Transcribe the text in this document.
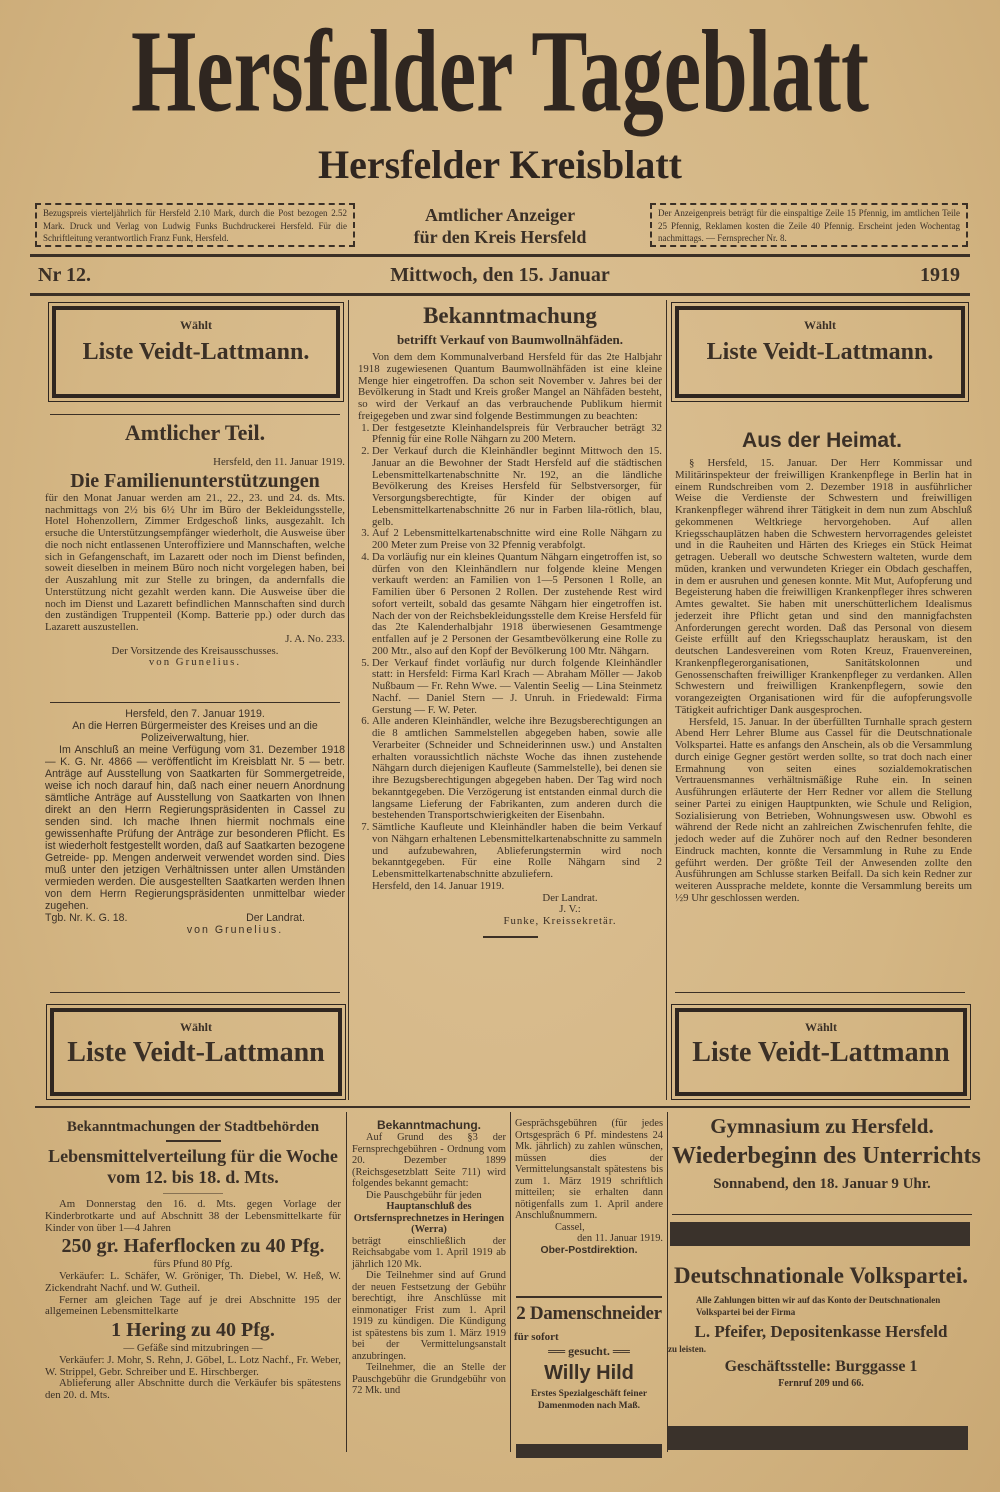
Hersfelder Tageblatt
Hersfelder Kreisblatt
Bezugspreis vierteljährlich für Hersfeld 2.10 Mark, durch die Post bezogen 2.52 Mark. Druck und Verlag von Ludwig Funks Buchdruckerei Hersfeld. Für die Schriftleitung verantwortlich Franz Funk, Hersfeld.
Amtlicher Anzeiger
für den Kreis Hersfeld
Der Anzeigenpreis beträgt für die einspaltige Zeile 15 Pfennig, im amtlichen Teile 25 Pfennig, Reklamen kosten die Zeile 40 Pfennig. Erscheint jeden Wochentag nachmittags. — Fernsprecher Nr. 8.
Nr 12.	Mittwoch, den 15. Januar	1919
Wählt
Liste Veidt-Lattmann.
Amtlicher Teil.

Hersfeld, den 11. Januar 1919.

Die Familienunterstützungen

für den Monat Januar werden am 21., 22., 23. und 24. ds. Mts. nachmittags von 2½ bis 6½ Uhr im Büro der Bekleidungsstelle, Hotel Hohenzollern, Zimmer Erdgeschoß links, ausgezahlt. Ich ersuche die Unterstützungsempfänger wiederholt, die Ausweise über die noch nicht entlassenen Unteroffiziere und Mannschaften, welche sich in Gefangenschaft, im Lazarett oder noch im Dienst befinden, soweit dieselben in meinem Büro noch nicht vorgelegen haben, bei der Auszahlung mit zur Stelle zu bringen, da andernfalls die Unterstützung nicht gezahlt werden kann. Die Ausweise über die noch im Dienst und Lazarett befindlichen Mannschaften sind durch den zuständigen Truppenteil (Komp. Batterie pp.) oder durch das Lazarett auszustellen.

J. A. No. 233.

Der Vorsitzende des Kreisausschusses.

von Grunelius.

Hersfeld, den 7. Januar 1919.

An die Herren Bürgermeister des Kreises und an die Polizeiverwaltung, hier.

Im Anschluß an meine Verfügung vom 31. Dezember 1918 — K. G. Nr. 4866 — veröffentlicht im Kreisblatt Nr. 5 — betr. Anträge auf Ausstellung von Saatkarten für Sommergetreide, weise ich noch darauf hin, daß nach einer neuern Anordnung sämtliche Anträge auf Ausstellung von Saatkarten von Ihnen direkt an den Herrn Regierungspräsidenten in Cassel zu senden sind. Ich mache Ihnen hiermit nochmals eine gewissenhafte Prüfung der Anträge zur besonderen Pflicht. Es ist wiederholt festgestellt worden, daß auf Saatkarten bezogene Getreide- pp. Mengen anderweit verwendet worden sind. Dies muß unter den jetzigen Verhältnissen unter allen Umständen vermieden werden. Die ausgestellten Saatkarten werden Ihnen von dem Herrn Regierungspräsidenten unmittelbar wieder zugehen.

Tgb. Nr. K. G. 18.	Der Landrat.

von Grunelius.

Wählt
Liste Veidt-Lattmann
Bekanntmachung
betrifft Verkauf von Baumwollnähfäden.

Von dem dem Kommunalverband Hersfeld für das 2te Halbjahr 1918 zugewiesenen Quantum Baumwollnähfäden ist eine kleine Menge hier eingetroffen. Da schon seit November v. Jahres bei der Bevölkerung in Stadt und Kreis großer Mangel an Nähfäden besteht, so wird der Verkauf an das verbrauchende Publikum hiermit freigegeben und zwar sind folgende Bestimmungen zu beachten:

1. Der festgesetzte Kleinhandelspreis für Verbraucher beträgt 32 Pfennig für eine Rolle Nähgarn zu 200 Metern.
2. Der Verkauf durch die Kleinhändler beginnt Mittwoch den 15. Januar an die Bewohner der Stadt Hersfeld auf die städtischen Lebensmittelkartenabschnitte Nr. 192, an die ländliche Bevölkerung des Kreises Hersfeld für Selbstversorger, für Versorgungsberechtigte, für Kinder der obigen auf Lebensmittelkartenabschnitte 26 nur in Farben lila-rötlich, blau, gelb.
3. Auf 2 Lebensmittelkartenabschnitte wird eine Rolle Nähgarn zu 200 Meter zum Preise von 32 Pfennig verabfolgt.
4. Da vorläufig nur ein kleines Quantum Nähgarn eingetroffen ist, so dürfen von den Kleinhändlern nur folgende kleine Mengen verkauft werden: an Familien von 1—5 Personen 1 Rolle, an Familien über 6 Personen 2 Rollen. Der zustehende Rest wird sofort verteilt, sobald das gesamte Nähgarn hier eingetroffen ist. Nach der von der Reichsbekleidungsstelle dem Kreise Hersfeld für das 2te Kalenderhalbjahr 1918 überwiesenen Gesamtmenge entfallen auf je 2 Personen der Gesamtbevölkerung eine Rolle zu 200 Mtr., also auf den Kopf der Bevölkerung 100 Mtr. Nähgarn.
5. Der Verkauf findet vorläufig nur durch folgende Kleinhändler statt: in Hersfeld: Firma Karl Krach — Abraham Möller — Jakob Nußbaum — Fr. Rehn Wwe. — Valentin Seelig — Lina Steinmetz Nachf. — Daniel Stern — J. Unruh. in Friedewald: Firma Gerstung — F. W. Peter.
6. Alle anderen Kleinhändler, welche ihre Bezugsberechtigungen an die 8 amtlichen Sammelstellen abgegeben haben, sowie alle Verarbeiter (Schneider und Schneiderinnen usw.) und Anstalten erhalten voraussichtlich nächste Woche das ihnen zustehende Nähgarn durch diejenigen Kaufleute (Sammelstelle), bei denen sie ihre Bezugsberechtigungen abgegeben haben. Der Tag wird noch bekanntgegeben. Die Verzögerung ist entstanden einmal durch die langsame Lieferung der Fabrikanten, zum anderen durch die bestehenden Transportschwierigkeiten der Eisenbahn.
7. Sämtliche Kaufleute und Kleinhändler haben die beim Verkauf von Nähgarn erhaltenen Lebensmittelkartenabschnitte zu sammeln und aufzubewahren, Ablieferungstermin wird noch bekanntgegeben. Für eine Rolle Nähgarn sind 2 Lebensmittelkartenabschnitte abzuliefern.

Hersfeld, den 14. Januar 1919.

Der Landrat.

J. V.:

Funke, Kreissekretär.

Wählt
Liste Veidt-Lattmann.
Aus der Heimat.

§ Hersfeld, 15. Januar. Der Herr Kommissar und Militärinspekteur der freiwilligen Krankenpflege in Berlin hat in einem Rundschreiben vom 2. Dezember 1918 in ausführlicher Weise die Verdienste der Schwestern und freiwilligen Krankenpfleger während ihrer Tätigkeit in dem nun zum Abschluß gekommenen Weltkriege hervorgehoben. Auf allen Kriegsschauplätzen haben die Schwestern hervorragendes geleistet und in die Rauheiten und Härten des Krieges ein Stück Heimat getragen. Ueberall wo deutsche Schwestern walteten, wurde dem müden, kranken und verwundeten Krieger ein Obdach geschaffen, in dem er ausruhen und genesen konnte. Mit Mut, Aufopferung und Begeisterung haben die freiwilligen Krankenpfleger ihres schweren Amtes gewaltet. Sie haben mit unerschütterlichem Idealismus jederzeit ihre Pflicht getan und sind den mannigfachsten Anforderungen gerecht worden. Daß das Personal von diesem Geiste erfüllt auf den Kriegsschauplatz herauskam, ist den deutschen Landesvereinen vom Roten Kreuz, Frauenvereinen, Krankenpflegerorganisationen, Sanitätskolonnen und Genossenschaften freiwilliger Krankenpfleger zu verdanken. Allen Schwestern und freiwilligen Krankenpflegern, sowie den vorangezeigten Organisationen wird für die aufopferungsvolle Tätigkeit aufrichtiger Dank ausgesprochen.

Hersfeld, 15. Januar. In der überfüllten Turnhalle sprach gestern Abend Herr Lehrer Blume aus Cassel für die Deutschnationale Volkspartei. Hatte es anfangs den Anschein, als ob die Versammlung durch einige Gegner gestört werden sollte, so trat doch nach einer Ermahnung von seiten eines sozialdemokratischen Vertrauensmannes verhältnismäßige Ruhe ein. In seinen Ausführungen erläuterte der Herr Redner vor allem die Stellung seiner Partei zu einigen Hauptpunkten, wie Schule und Religion, Sozialisierung von Betrieben, Wohnungswesen usw. Obwohl es während der Rede nicht an zahlreichen Zwischenrufen fehlte, die jedoch weder auf die Zuhörer noch auf den Redner besonderen Eindruck machten, konnte die Versammlung in Ruhe zu Ende geführt werden. Der größte Teil der Anwesenden zollte den Ausführungen am Schlusse starken Beifall. Da sich kein Redner zur weiteren Aussprache meldete, konnte die Versammlung bereits um ½9 Uhr geschlossen werden.

Wählt
Liste Veidt-Lattmann
Bekanntmachungen der Stadtbehörden
Lebensmittelverteilung für die Woche vom 12. bis 18. d. Mts.

Am Donnerstag den 16. d. Mts. gegen Vorlage der Kinderbrotkarte und auf Abschnitt 38 der Lebensmittelkarte für Kinder von über 1—4 Jahren

250 gr. Haferflocken zu 40 Pfg.

fürs Pfund 80 Pfg.

Verkäufer: L. Schäfer, W. Gröniger, Th. Diebel, W. Heß, W. Zickendraht Nachf. und W. Gutheil.

Ferner am gleichen Tage auf je drei Abschnitte 195 der allgemeinen Lebensmittelkarte

1 Hering zu 40 Pfg.

— Gefäße sind mitzubringen —

Verkäufer: J. Mohr, S. Rehn, J. Göbel, L. Lotz Nachf., Fr. Weber, W. Strippel, Gebr. Schreiber und E. Hirschberger.

Ablieferung aller Abschnitte durch die Verkäufer bis spätestens den 20. d. Mts.

Bekanntmachung.

Auf Grund des §3 der Fernsprechgebühren - Ordnung vom 20. Dezember 1899 (Reichsgesetzblatt Seite 711) wird folgendes bekannt gemacht:

Die Pauschgebühr für jeden

Hauptanschluß des Ortsfernsprechnetzes in Heringen (Werra)

beträgt einschließlich der Reichsabgabe vom 1. April 1919 ab jährlich 120 Mk.

Die Teilnehmer sind auf Grund der neuen Festsetzung der Gebühr berechtigt, ihre Anschlüsse mit einmonatiger Frist zum 1. April 1919 zu kündigen. Die Kündigung ist spätestens bis zum 1. März 1919 bei der Vermittelungsanstalt anzubringen.

Teilnehmer, die an Stelle der Pauschgebühr die Grundgebühr von 72 Mk. und

Gesprächsgebühren (für jedes Ortsgespräch 6 Pf. mindestens 24 Mk. jährlich) zu zahlen wünschen, müssen dies der Vermittelungsanstalt spätestens bis zum 1. März 1919 schriftlich mitteilen; sie erhalten dann nötigenfalls zum 1. April andere Anschlußnummern.

Cassel,

den 11. Januar 1919.

Ober-Postdirektion.

2 Damenschneider
für sofort
══ gesucht. ══
Willy Hild
Erstes Spezialgeschäft feiner Damenmoden nach Maß.
Gymnasium zu Hersfeld.
Wiederbeginn des Unterrichts
Sonnabend, den 18. Januar 9 Uhr.
Deutschnationale Volkspartei.
Alle Zahlungen bitten wir auf das Konto der Deutschnationalen Volkspartei bei der Firma
L. Pfeifer, Depositenkasse Hersfeld
zu leisten.
Geschäftsstelle: Burggasse 1
Fernruf 209 und 66.
